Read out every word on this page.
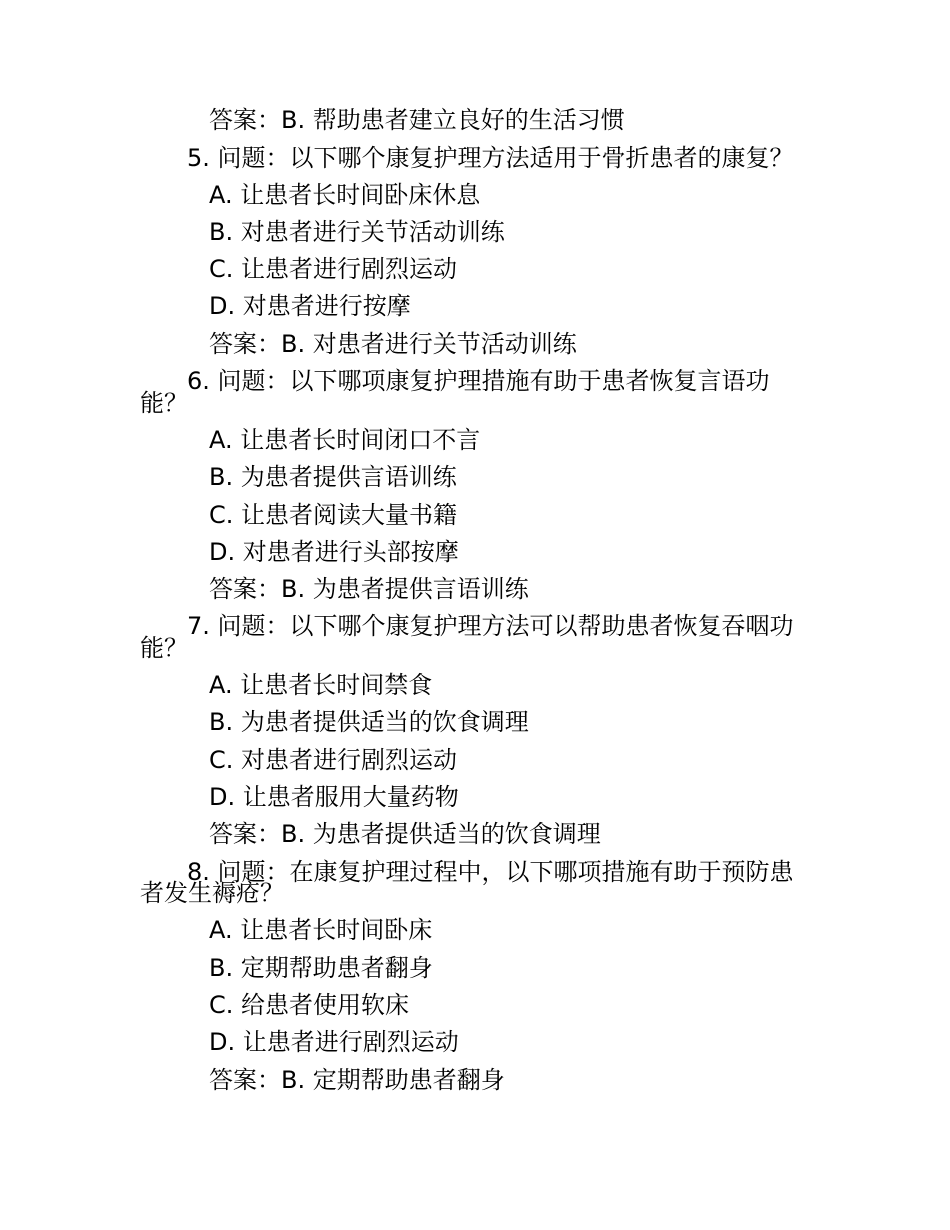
答案：B. 帮助患者建立良好的生活习惯
5. 问题：以下哪个康复护理方法适用于骨折患者的康复？
A. 让患者长时间卧床休息
B. 对患者进行关节活动训练
C. 让患者进行剧烈运动
D. 对患者进行按摩
答案：B. 对患者进行关节活动训练
6. 问题：以下哪项康复护理措施有助于患者恢复言语功
能？
A. 让患者长时间闭口不言
B. 为患者提供言语训练
C. 让患者阅读大量书籍
D. 对患者进行头部按摩
答案：B. 为患者提供言语训练
7. 问题：以下哪个康复护理方法可以帮助患者恢复吞咽功
能？
A. 让患者长时间禁食
B. 为患者提供适当的饮食调理
C. 对患者进行剧烈运动
D. 让患者服用大量药物
答案：B. 为患者提供适当的饮食调理
8. 问题：在康复护理过程中，以下哪项措施有助于预防患
者发生褥疮？
A. 让患者长时间卧床
B. 定期帮助患者翻身
C. 给患者使用软床
D. 让患者进行剧烈运动
答案：B. 定期帮助患者翻身
